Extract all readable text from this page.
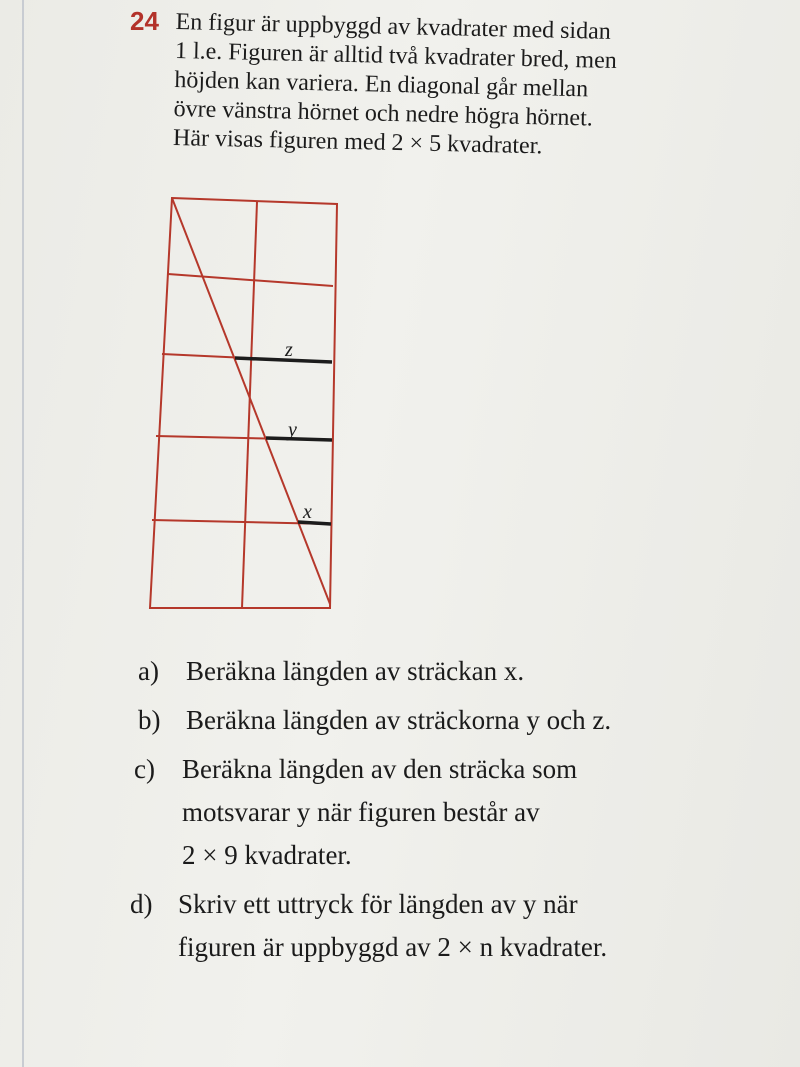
24 En figur är uppbyggd av kvadrater med sidan
1 l.e. Figuren är alltid två kvadrater bred, men
höjden kan variera. En diagonal går mellan
övre vänstra hörnet och nedre högra hörnet.
Här visas figuren med 2 × 5 kvadrater.
z
y
x
a)	Beräkna längden av sträckan x.
b) Beräkna längden av sträckorna y och z.
c)	Beräkna längden av den sträcka som
motsvarar y när figuren består av
2 × 9 kvadrater.
d) Skriv ett uttryck för längden av y när
figuren är uppbyggd av 2 × n kvadrater.
